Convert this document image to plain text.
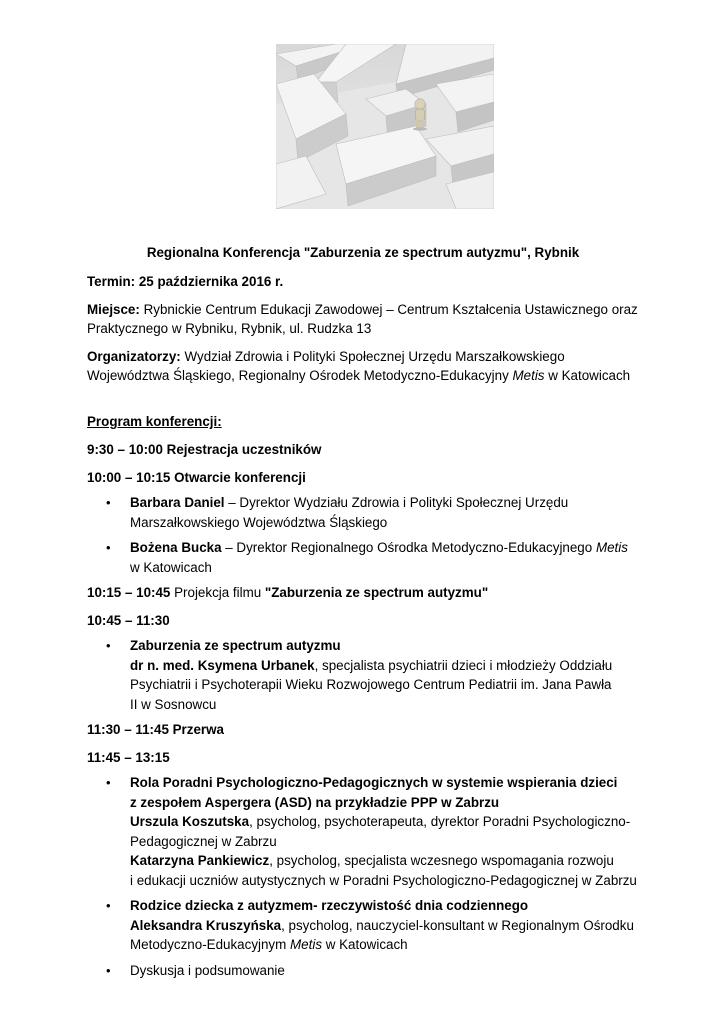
Regionalna Konferencja "Zaburzenia ze spectrum autyzmu", Rybnik
Termin: 25 października 2016 r.
Miejsce: Rybnickie Centrum Edukacji Zawodowej – Centrum Kształcenia Ustawicznego oraz
Praktycznego w Rybniku, Rybnik, ul. Rudzka 13
Organizatorzy: Wydział Zdrowia i Polityki Społecznej Urzędu Marszałkowskiego
Województwa Śląskiego, Regionalny Ośrodek Metodyczno-Edukacyjny Metis w Katowicach
Program konferencji:
9:30 – 10:00 Rejestracja uczestników
10:00 – 10:15 Otwarcie konferencji
• Barbara Daniel – Dyrektor Wydziału Zdrowia i Polityki Społecznej Urzędu
Marszałkowskiego Województwa Śląskiego
• Bożena Bucka – Dyrektor Regionalnego Ośrodka Metodyczno-Edukacyjnego Metis
w Katowicach
10:15 – 10:45 Projekcja filmu "Zaburzenia ze spectrum autyzmu"
10:45 – 11:30
• Zaburzenia ze spectrum autyzmu
dr n. med. Ksymena Urbanek, specjalista psychiatrii dzieci i młodzieży Oddziału
Psychiatrii i Psychoterapii Wieku Rozwojowego Centrum Pediatrii im. Jana Pawła
II w Sosnowcu
11:30 – 11:45 Przerwa
11:45 – 13:15
• Rola Poradni Psychologiczno-Pedagogicznych w systemie wspierania dzieci
z zespołem Aspergera (ASD) na przykładzie PPP w Zabrzu
Urszula Koszutska, psycholog, psychoterapeuta, dyrektor Poradni Psychologiczno-
Pedagogicznej w Zabrzu
Katarzyna Pankiewicz, psycholog, specjalista wczesnego wspomagania rozwoju
i edukacji uczniów autystycznych w Poradni Psychologiczno-Pedagogicznej w Zabrzu
• Rodzice dziecka z autyzmem- rzeczywistość dnia codziennego
Aleksandra Kruszyńska, psycholog, nauczyciel-konsultant w Regionalnym Ośrodku
Metodyczno-Edukacyjnym Metis w Katowicach
• Dyskusja i podsumowanie
